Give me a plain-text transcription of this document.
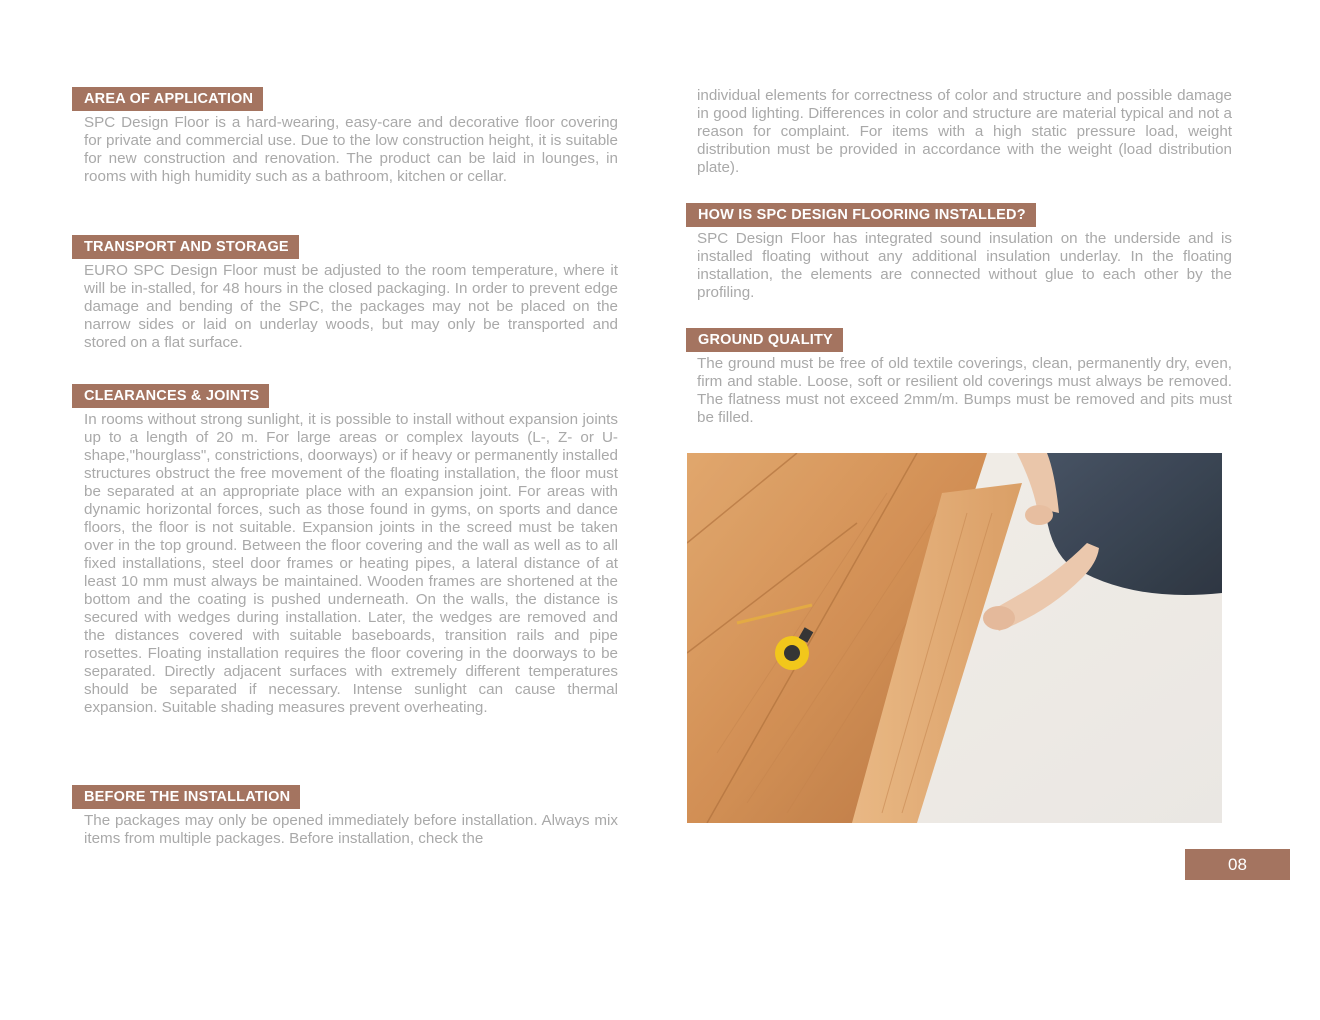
AREA OF APPLICATION
SPC Design Floor is a hard-wearing, easy-care and decorative floor covering for private and commercial use. Due to the low construction height, it is suitable for new construction and renovation. The product can be laid in lounges, in rooms with high humidity such as a bathroom, kitchen or cellar.
TRANSPORT AND STORAGE
EURO SPC Design Floor must be adjusted to the room temperature, where it will be in-stalled, for 48 hours in the closed packaging. In order to prevent edge damage and bending of the SPC, the packages may not be placed on the narrow sides or laid on underlay woods, but may only be transported and stored on a flat surface.
CLEARANCES & JOINTS
In rooms without strong sunlight, it is possible to install without expansion joints up to a length of 20 m. For large areas or complex layouts (L-, Z- or U-shape,"hourglass", constrictions, doorways) or if heavy or permanently installed structures obstruct the free movement of the floating installation, the floor must be separated at an appropriate place with an expansion joint. For areas with dynamic horizontal forces, such as those found in gyms, on sports and dance floors, the floor is not suitable. Expansion joints in the screed must be taken over in the top ground. Between the floor covering and the wall as well as to all fixed installations, steel door frames or heating pipes, a lateral distance of at least 10 mm must always be maintained. Wooden frames are shortened at the bottom and the coating is pushed underneath. On the walls, the distance is secured with wedges during installation. Later, the wedges are removed and the distances covered with suitable baseboards, transition rails and pipe rosettes. Floating installation requires the floor covering in the doorways to be separated. Directly adjacent surfaces with extremely different temperatures should be separated if necessary. Intense sunlight can cause thermal expansion. Suitable shading measures prevent overheating.
BEFORE THE INSTALLATION
The packages may only be opened immediately before installation. Always mix items from multiple packages. Before installation, check the
individual elements for correctness of color and structure and possible damage in good lighting. Differences in color and structure are material typical and not a reason for complaint. For items with a high static pressure load, weight distribution must be provided in accordance with the weight (load distribution plate).
HOW IS SPC DESIGN FLOORING INSTALLED?
SPC Design Floor has integrated sound insulation on the underside and is installed floating without any additional insulation underlay. In the floating installation, the elements are connected without glue to each other by the profiling.
GROUND QUALITY
The ground must be free of old textile coverings, clean, permanently dry, even, firm and stable. Loose, soft or resilient old coverings must always be removed. The flatness must not exceed 2mm/m. Bumps must be removed and pits must be filled.
08
